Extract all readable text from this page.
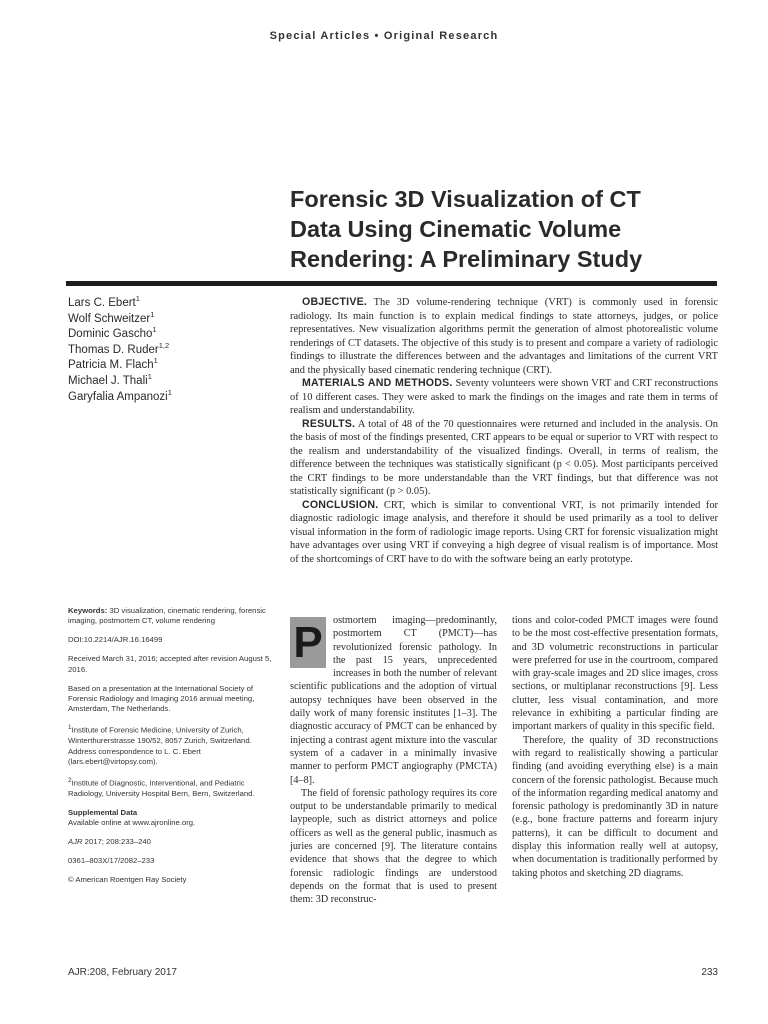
Special Articles • Original Research
Forensic 3D Visualization of CT
Data Using Cinematic Volume
Rendering: A Preliminary Study
Lars C. Ebert$^1$
Wolf Schweitzer$^1$
Dominic Gascho$^1$
Thomas D. Ruder$^{1,2}$
Patricia M. Flach$^1$
Michael J. Thali$^1$
Garyfalia Ampanozi$^1$

OBJECTIVE. The 3D volume-rendering technique (VRT) is commonly used in forensic radiology. Its main function is to explain medical findings to state attorneys, judges, or police representatives. New visualization algorithms permit the generation of almost photorealistic volume renderings of CT datasets. The objective of this study is to present and compare a variety of radiologic findings to illustrate the differences between and the advantages and limitations of the current VRT and the physically based cinematic rendering technique (CRT).

MATERIALS AND METHODS. Seventy volunteers were shown VRT and CRT reconstructions of 10 different cases. They were asked to mark the findings on the images and rate them in terms of realism and understandability.

RESULTS. A total of 48 of the 70 questionnaires were returned and included in the analysis. On the basis of most of the findings presented, CRT appears to be equal or superior to VRT with respect to the realism and understandability of the visualized findings. Overall, in terms of realism, the difference between the techniques was statistically significant (p < 0.05). Most participants perceived the CRT findings to be more understandable than the VRT findings, but that difference was not statistically significant (p > 0.05).

CONCLUSION. CRT, which is similar to conventional VRT, is not primarily intended for diagnostic radiologic image analysis, and therefore it should be used primarily as a tool to deliver visual information in the form of radiologic image reports. Using CRT for forensic visualization might have advantages over using VRT if conveying a high degree of visual realism is of importance. Most of the shortcomings of CRT have to do with the software being an early prototype.

Keywords: 3D visualization, cinematic rendering, forensic imaging, postmortem CT, volume rendering

DOI:10.2214/AJR.16.16499

Received March 31, 2016; accepted after revision August 5, 2016.

Based on a presentation at the International Society of Forensic Radiology and Imaging 2016 annual meeting, Amsterdam, The Netherlands.

$^1$Institute of Forensic Medicine, University of Zurich, Winterthurerstrasse 190/52, 8057 Zurich, Switzerland. Address correspondence to L. C. Ebert (lars.ebert@virtopsy.com).

$^2$Institute of Diagnostic, Interventional, and Pediatric Radiology, University Hospital Bern, Bern, Switzerland.

Supplemental Data
Available online at www.ajronline.org.

AJR 2017; 208:233–240

0361–803X/17/2082–233

© American Roentgen Ray Society

P	ostmortem imaging—predominantly, postmortem CT (PMCT)—has revolutionized forensic pathology. In the past 15 years, unprecedented increases in both the number of relevant scientific publications and the adoption of virtual autopsy techniques have been observed in the daily work of many forensic institutes [1–3]. The diagnostic accuracy of PMCT can be enhanced by injecting a contrast agent mixture into the vascular system of a cadaver in a minimally invasive manner to perform PMCT angiography (PMCTA) [4–8].

The field of forensic pathology requires its core output to be understandable primarily to medical laypeople, such as district attorneys and police officers as well as the general public, inasmuch as juries are concerned [9]. The literature contains evidence that shows that the degree to which forensic radiologic findings are understood depends on the format that is used to present them: 3D reconstruc-

tions and color-coded PMCT images were found to be the most cost-effective presentation formats, and 3D volumetric reconstructions in particular were preferred for use in the courtroom, compared with gray-scale images and 2D slice images, cross sections, or multiplanar reconstructions [9]. Less clutter, less visual contamination, and more relevance in exhibiting a particular finding are important markers of quality in this specific field.

Therefore, the quality of 3D reconstructions with regard to realistically showing a particular finding (and avoiding everything else) is a main concern of the forensic pathologist. Because much of the information regarding medical anatomy and forensic pathology is predominantly 3D in nature (e.g., bone fracture patterns and forearm injury patterns), it can be difficult to document and display this information really well at autopsy, when documentation is traditionally performed by taking photos and sketching 2D diagrams.

AJR:208, February 2017	233
